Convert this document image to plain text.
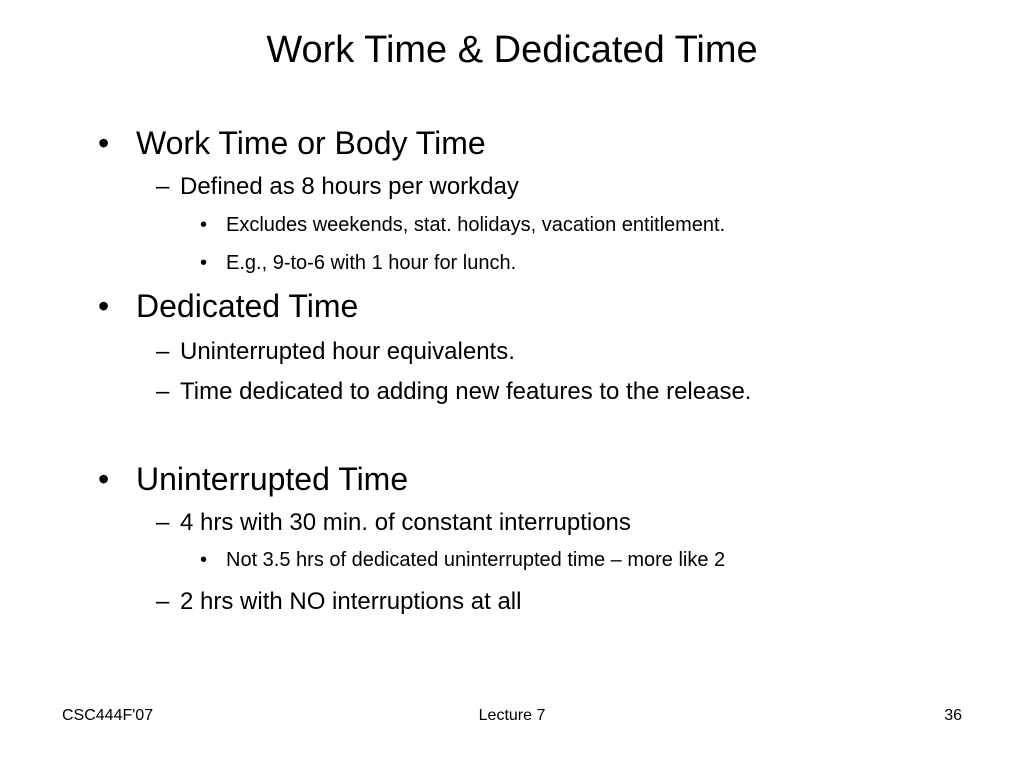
Work Time & Dedicated Time
• Work Time or Body Time
– Defined as 8 hours per workday
• Excludes weekends, stat. holidays, vacation entitlement.
• E.g., 9-to-6 with 1 hour for lunch.
• Dedicated Time
– Uninterrupted hour equivalents.
– Time dedicated to adding new features to the release.
• Uninterrupted Time
– 4 hrs with 30 min. of constant interruptions
• Not 3.5 hrs of dedicated uninterrupted time – more like 2
– 2 hrs with NO interruptions at all
CSC444F'07	Lecture 7	36
